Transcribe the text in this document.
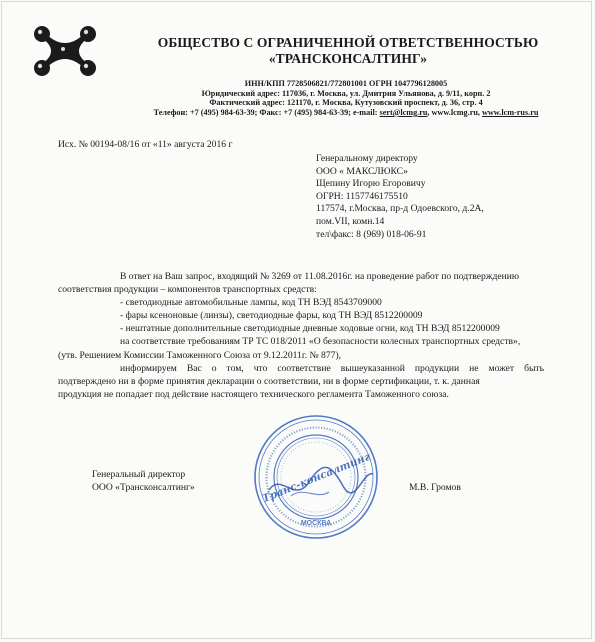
ОБЩЕСТВО С ОГРАНИЧЕННОЙ ОТВЕТСТВЕННОСТЬЮ
«ТРАНСКОНСАЛТИНГ»
ИНН/КПП 7728506821/772801001 ОГРН 1047796128005
Юридический адрес: 117036, г. Москва, ул. Дмитрия Ульянова, д. 9/11, корп. 2
Фактический адрес: 121170, г. Москва, Кутузовский проспект, д. 36, стр. 4
Телефон: +7 (495) 984-63-39; Факс: +7 (495) 984-63-39; e-mail: sert@lcmg.ru, www.lcmg.ru, www.lcm-rus.ru
Исх. № 00194-08/16 от «11» августа 2016 г
Генеральному директору
ООО « МАКСЛЮКС»
Щепину Игорю Егоровичу
ОГРН: 1157746175510
117574, г.Москва, пр-д Одоевского, д.2А,
пом.VII, комн.14
тел\факс: 8 (969) 018-06-91
В ответ на Ваш запрос, входящий № 3269 от 11.08.2016г. на проведение работ по подтверждению
соответствия продукции – компонентов транспортных средств:
- светодиодные автомобильные лампы, код ТН ВЭД 8543709000
- фары ксеноновые (линзы), светодиодные фары, код ТН ВЭД 8512200009
- нештатные дополнительные светодиодные дневные ходовые огни, код ТН ВЭД 8512200009
на соответствие требованиям ТР ТС 018/2011 «О безопасности колесных транспортных средств»,
(утв. Решением Комиссии Таможенного Союза от 9.12.2011г. № 877),
информируем Вас о том, что соответствие вышеуказанной продукции не может быть
подтверждено ни в форме принятия декларации о соответствии, ни в форме сертификации, т. к. данная
продукция не попадает под действие настоящего технического регламента Таможенного союза.
Генеральный директор
ООО «Трансконсалтинг»	М.В. Громов
МОСКВА
Транс-консалтинг
